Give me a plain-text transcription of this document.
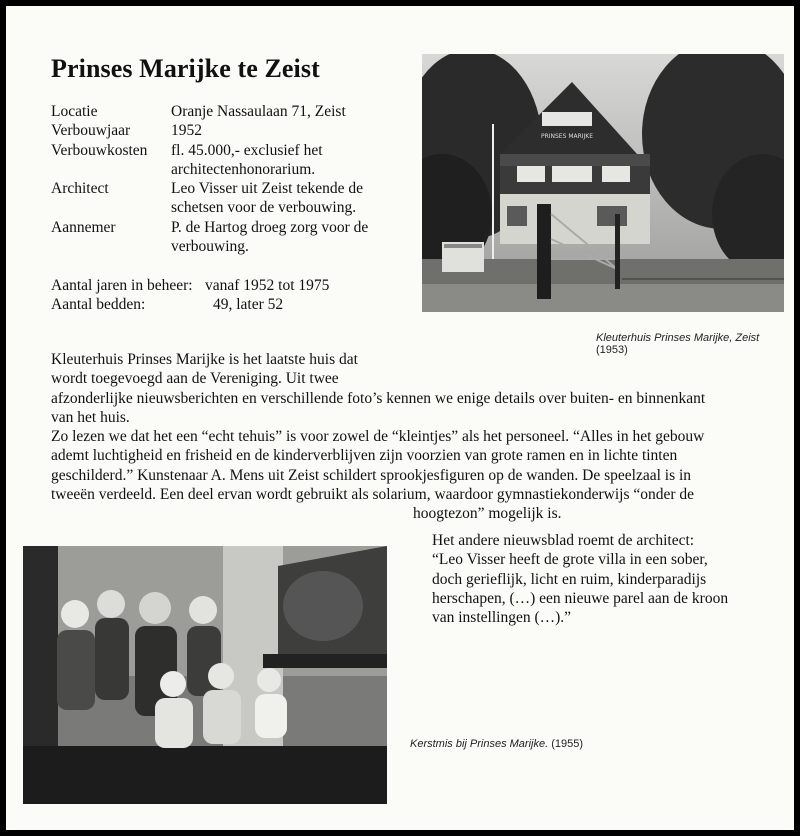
Prinses Marijke te Zeist
Locatie	Oranje Nassaulaan 71, Zeist
Verbouwjaar	1952
Verbouwkosten	fl. 45.000,- exclusief het architectenhonorarium.
Architect	Leo Visser uit Zeist tekende de schetsen voor de verbouwing.
Aannemer	P. de Hartog droeg zorg voor de verbouwing.
Aantal jaren in beheer: vanaf 1952 tot 1975
Aantal bedden:	49, later 52
PRINSES MARIJKE
Kleuterhuis Prinses Marijke, Zeist (1953)

Kleuterhuis Prinses Marijke is het laatste huis dat

wordt toegevoegd aan de Vereniging. Uit twee

afzonderlijke nieuwsberichten en verschillende foto’s kennen we enige details over buiten- en binnenkant

van het huis.

Zo lezen we dat het een “echt tehuis” is voor zowel de “kleintjes” als het personeel. “Alles in het gebouw

ademt luchtigheid en frisheid en de kinderverblijven zijn voorzien van grote ramen en in lichte tinten

geschilderd.” Kunstenaar A. Mens uit Zeist schildert sprookjesfiguren op de wanden. De speelzaal is in

tweeën verdeeld. Een deel ervan wordt gebruikt als solarium, waardoor gymnastiekonderwijs “onder de

hoogtezon” mogelijk is.

Het andere nieuwsblad roemt de architect:

“Leo Visser heeft de grote villa in een sober,

doch gerieflijk, licht en ruim, kinderparadijs

herschapen, (…) een nieuwe parel aan de kroon

van instellingen (…).”

Kerstmis bij Prinses Marijke. (1955)
